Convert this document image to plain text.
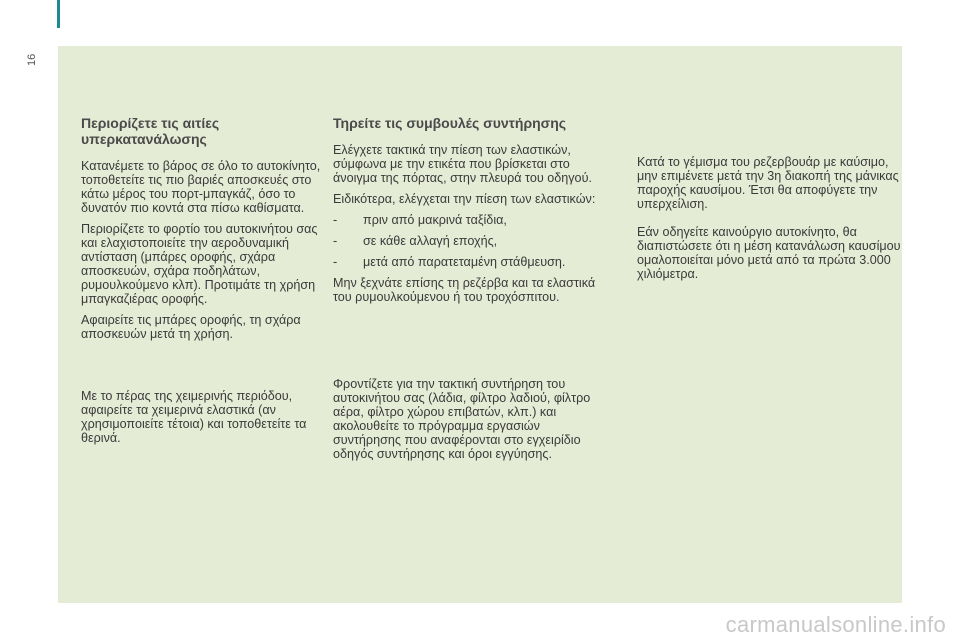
16
Περιορίζετε τις αιτίες υπερκατανάλωσης

Κατανέμετε το βάρος σε όλο το αυτοκίνητο, τοποθετείτε τις πιο βαριές αποσκευές στο κάτω μέρος του πορτ-μπαγκάζ, όσο το δυνατόν πιο κοντά στα πίσω καθίσματα.

Περιορίζετε το φορτίο του αυτοκινήτου σας και ελαχιστοποιείτε την αεροδυναμική αντίσταση (μπάρες οροφής, σχάρα αποσκευών, σχάρα ποδηλάτων, ρυμουλκούμενο κλπ). Προτιμάτε τη χρήση μπαγκαζιέρας οροφής.

Αφαιρείτε τις μπάρες οροφής, τη σχάρα αποσκευών μετά τη χρήση.

Με το πέρας της χειμερινής περιόδου, αφαιρείτε τα χειμερινά ελαστικά (αν χρησιμοποιείτε τέτοια) και τοποθετείτε τα θερινά.
Τηρείτε τις συμβουλές συντήρησης

Ελέγχετε τακτικά την πίεση των ελαστικών, σύμφωνα με την ετικέτα που βρίσκεται στο άνοιγμα της πόρτας, στην πλευρά του οδηγού.

Ειδικότερα, ελέγχεται την πίεση των ελαστικών:

- πριν από μακρινά ταξίδια,
- σε κάθε αλλαγή εποχής,
- μετά από παρατεταμένη στάθμευση.

Μην ξεχνάτε επίσης τη ρεζέρβα και τα ελαστικά του ρυμουλκούμενου ή του τροχόσπιτου.

Φροντίζετε για την τακτική συντήρηση του αυτοκινήτου σας (λάδια, φίλτρο λαδιού, φίλτρο αέρα, φίλτρο χώρου επιβατών, κλπ.) και ακολουθείτε το πρόγραμμα εργασιών συντήρησης που αναφέρονται στο εγχειρίδιο οδηγός συντήρησης και όροι εγγύησης.

Κατά το γέμισμα του ρεζερβουάρ με καύσιμο, μην επιμένετε μετά την 3η διακοπή της μάνικας παροχής καυσίμου. Έτσι θα αποφύγετε την υπερχείλιση.

Εάν οδηγείτε καινούργιο αυτοκίνητο, θα διαπιστώσετε ότι η μέση κατανάλωση καυσίμου ομαλοποιείται μόνο μετά από τα πρώτα 3.000 χιλιόμετρα.

carmanualsonline.info
